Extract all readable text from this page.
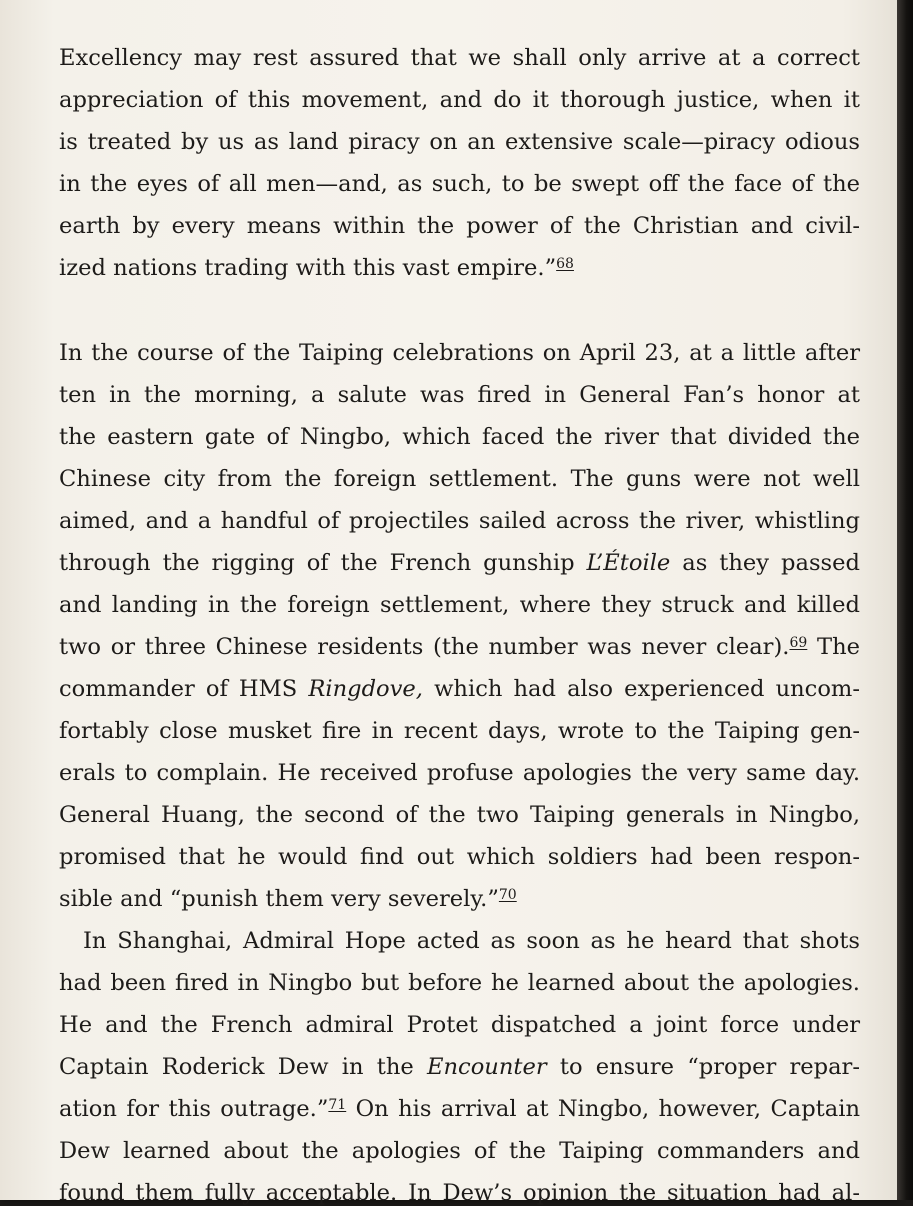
Excellency may rest assured that we shall only arrive at a correct
appreciation of this movement, and do it thorough justice, when it
is treated by us as land piracy on an extensive scale—piracy odious
in the eyes of all men—and, as such, to be swept off the face of the
earth by every means within the power of the Christian and civil-
ized nations trading with this vast empire.”$^{68}$
In the course of the Taiping celebrations on April 23, at a little after
ten in the morning, a salute was fired in General Fan’s honor at
the eastern gate of Ningbo, which faced the river that divided the
Chinese city from the foreign settlement. The guns were not well
aimed, and a handful of projectiles sailed across the river, whistling
through the rigging of the French gunship L’Étoile as they passed
and landing in the foreign settlement, where they struck and killed
two or three Chinese residents (the number was never clear).$^{69}$ The
commander of HMS Ringdove, which had also experienced uncom-
fortably close musket fire in recent days, wrote to the Taiping gen-
erals to complain. He received profuse apologies the very same day.
General Huang, the second of the two Taiping generals in Ningbo,
promised that he would find out which soldiers had been respon-
sible and “punish them very severely.”$^{70}$
In Shanghai, Admiral Hope acted as soon as he heard that shots
had been fired in Ningbo but before he learned about the apologies.
He and the French admiral Protet dispatched a joint force under
Captain Roderick Dew in the Encounter to ensure “proper repar-
ation for this outrage.”$^{71}$ On his arrival at Ningbo, however, Captain
Dew learned about the apologies of the Taiping commanders and
found them fully acceptable. In Dew’s opinion the situation had al-
